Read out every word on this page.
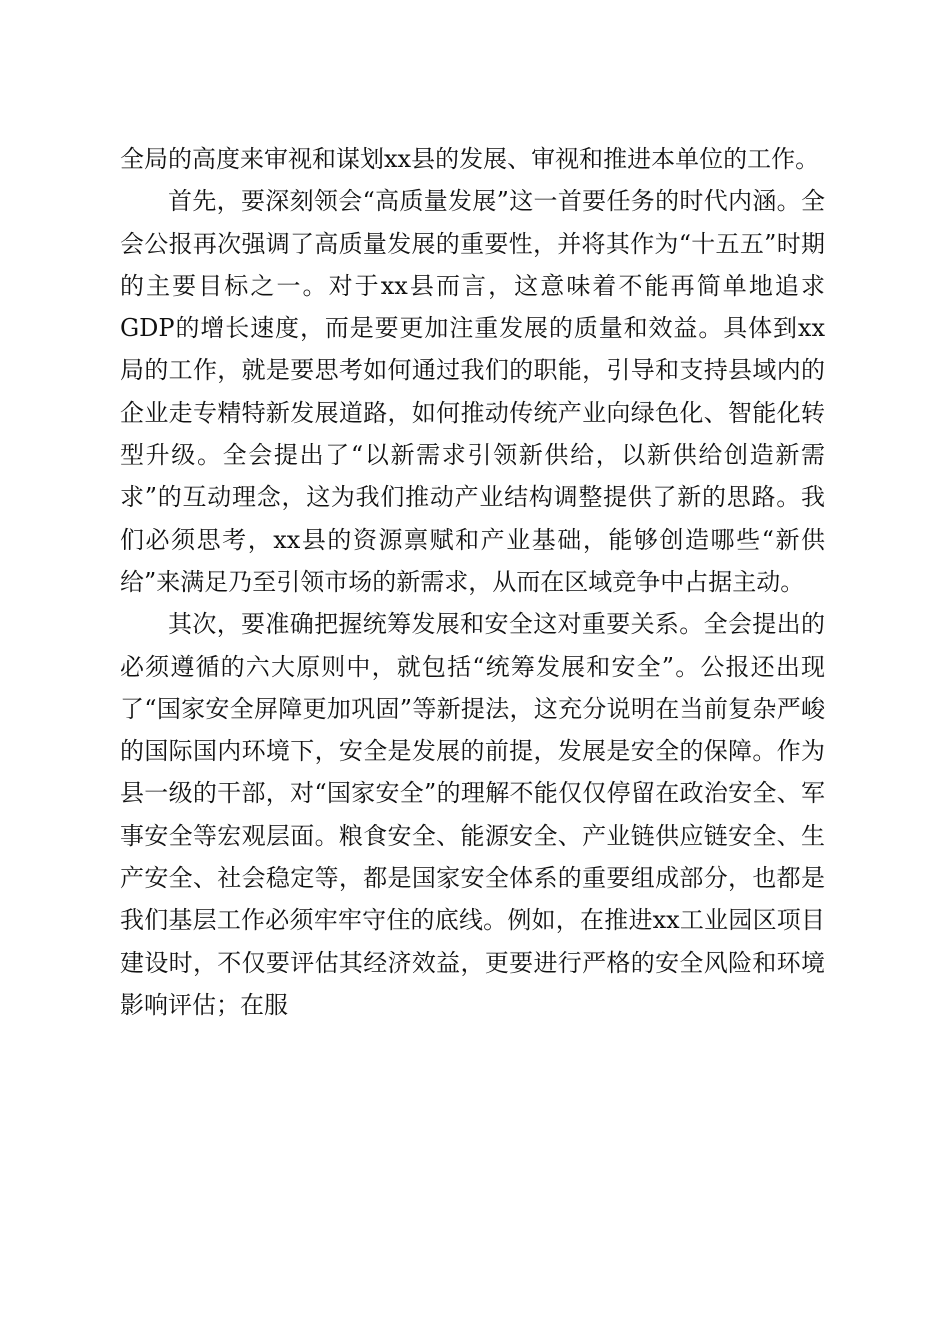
全局的高度来审视和谋划xx县的发展、审视和推进本单位的工作。

首先，要深刻领会“高质量发展”这一首要任务的时代内涵。全会公报再次强调了高质量发展的重要性，并将其作为“十五五”时期的主要目标之一。对于xx县而言，这意味着不能再简单地追求GDP的增长速度，而是要更加注重发展的质量和效益。具体到xx局的工作，就是要思考如何通过我们的职能，引导和支持县域内的企业走专精特新发展道路，如何推动传统产业向绿色化、智能化转型升级。全会提出了“以新需求引领新供给，以新供给创造新需求”的互动理念，这为我们推动产业结构调整提供了新的思路。我们必须思考，xx县的资源禀赋和产业基础，能够创造哪些“新供给”来满足乃至引领市场的新需求，从而在区域竞争中占据主动。

其次，要准确把握统筹发展和安全这对重要关系。全会提出的必须遵循的六大原则中，就包括“统筹发展和安全”。公报还出现了“国家安全屏障更加巩固”等新提法，这充分说明在当前复杂严峻的国际国内环境下，安全是发展的前提，发展是安全的保障。作为县一级的干部，对“国家安全”的理解不能仅仅停留在政治安全、军事安全等宏观层面。粮食安全、能源安全、产业链供应链安全、生产安全、社会稳定等，都是国家安全体系的重要组成部分，也都是我们基层工作必须牢牢守住的底线。例如，在推进xx工业园区项目建设时，不仅要评估其经济效益，更要进行严格的安全风险和环境影响评估；在服
